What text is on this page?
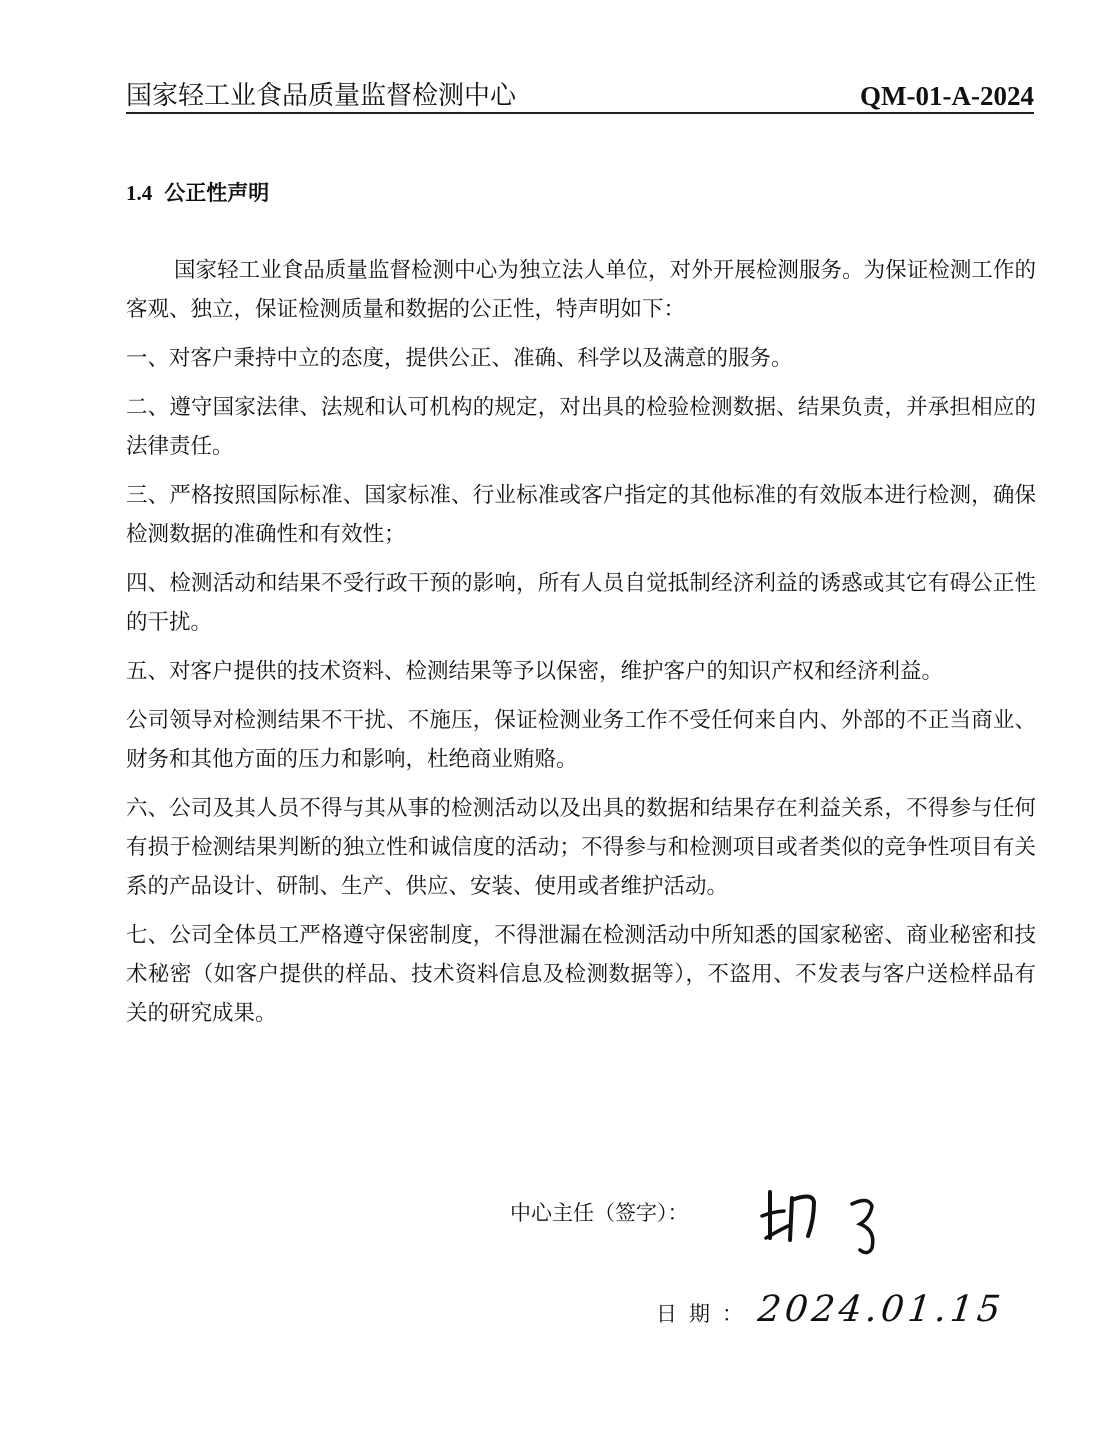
国家轻工业食品质量监督检测中心	QM-01-A-2024
1.4 公正性声明

国家轻工业食品质量监督检测中心为独立法人单位，对外开展检测服务。为保证检测工作的客观、独立，保证检测质量和数据的公正性，特声明如下：

一、对客户秉持中立的态度，提供公正、准确、科学以及满意的服务。

二、遵守国家法律、法规和认可机构的规定，对出具的检验检测数据、结果负责，并承担相应的法律责任。

三、严格按照国际标准、国家标准、行业标准或客户指定的其他标准的有效版本进行检测，确保检测数据的准确性和有效性；

四、检测活动和结果不受行政干预的影响，所有人员自觉抵制经济利益的诱惑或其它有碍公正性的干扰。

五、对客户提供的技术资料、检测结果等予以保密，维护客户的知识产权和经济利益。

公司领导对检测结果不干扰、不施压，保证检测业务工作不受任何来自内、外部的不正当商业、财务和其他方面的压力和影响，杜绝商业贿赂。

六、公司及其人员不得与其从事的检测活动以及出具的数据和结果存在利益关系，不得参与任何有损于检测结果判断的独立性和诚信度的活动；不得参与和检测项目或者类似的竞争性项目有关系的产品设计、研制、生产、供应、安装、使用或者维护活动。

七、公司全体员工严格遵守保密制度，不得泄漏在检测活动中所知悉的国家秘密、商业秘密和技术秘密（如客户提供的样品、技术资料信息及检测数据等），不盗用、不发表与客户送检样品有关的研究成果。

中心主任（签字）：
日期： 2024.01.15
